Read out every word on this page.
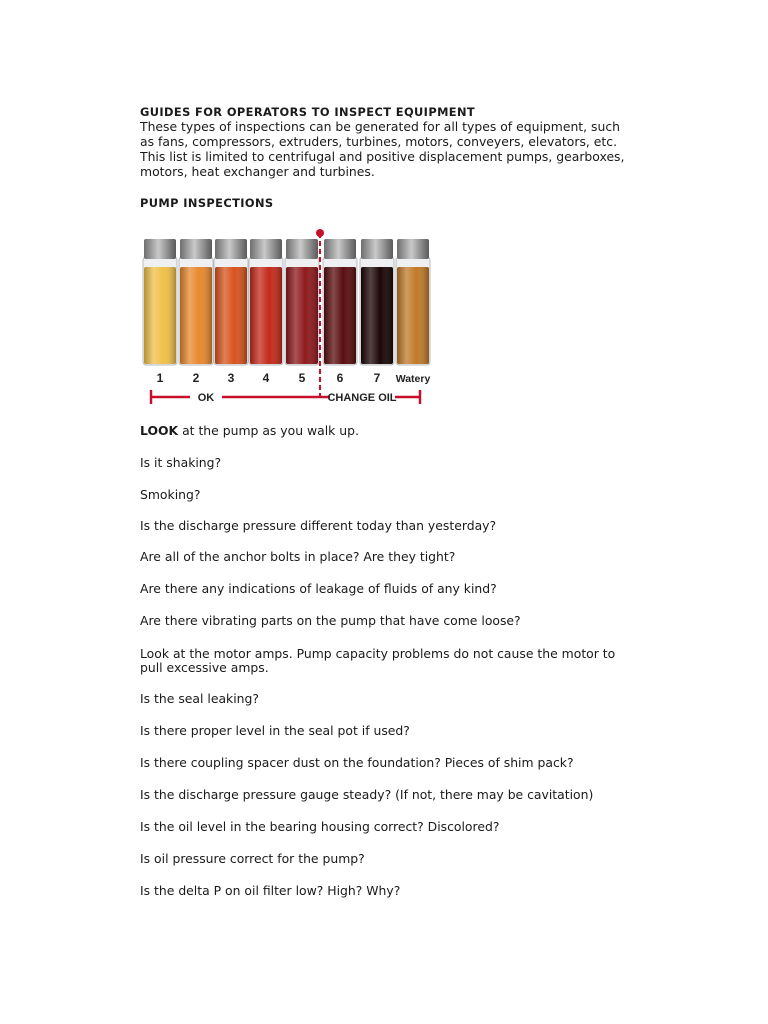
GUIDES FOR OPERATORS TO INSPECT EQUIPMENT

These types of inspections can be generated for all types of equipment, such

as fans, compressors, extruders, turbines, motors, conveyers, elevators, etc.

This list is limited to centrifugal and positive displacement pumps, gearboxes,

motors, heat exchanger and turbines.

PUMP INSPECTIONS

1 2 3 4 5	6	7 Watery
OK	CHANGE OIL

LOOK at the pump as you walk up.

Is it shaking?

Smoking?

Is the discharge pressure different today than yesterday?

Are all of the anchor bolts in place? Are they tight?

Are there any indications of leakage of fluids of any kind?

Are there vibrating parts on the pump that have come loose?

Look at the motor amps. Pump capacity problems do not cause the motor to

pull excessive amps.

Is the seal leaking?

Is there proper level in the seal pot if used?

Is there coupling spacer dust on the foundation? Pieces of shim pack?

Is the discharge pressure gauge steady? (If not, there may be cavitation)

Is the oil level in the bearing housing correct? Discolored?

Is oil pressure correct for the pump?

Is the delta P on oil filter low? High? Why?
